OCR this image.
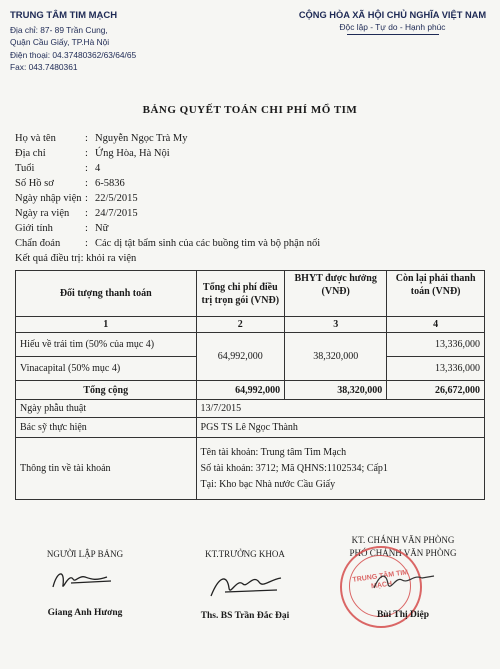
TRUNG TÂM TIM MẠCH
Địa chỉ: 87- 89 Trần Cung,
Quận Cầu Giấy, TP.Hà Nội
Điện thoại: 04.37480362/63/64/65
Fax: 043.7480361
CỘNG HÒA XÃ HỘI CHỦ NGHĨA VIỆT NAM
Độc lập - Tự do - Hạnh phúc
BẢNG QUYẾT TOÁN CHI PHÍ MỔ TIM
Họ và tên	: Nguyễn Ngọc Trà My
Địa chỉ	: Ứng Hòa, Hà Nội
Tuổi	: 4
Số Hồ sơ	: 6-5836
Ngày nhập viện : 22/5/2015
Ngày ra viện	: 24/7/2015
Giới tính	: Nữ
Chẩn đoán	: Các dị tật bẩm sinh của các buồng tim và bộ phận nối
Kết quả điều trị: khỏi ra viện
Đối tượng thanh toán	Tổng chi phí điều trị trọn gói (VNĐ)	BHYT được hưởng (VNĐ)	Còn lại phải thanh toán (VNĐ)
1	2	3	4
Hiếu về trái tim (50% của mục 4)	64,992,000	38,320,000	13,336,000
Vinacapital (50% mục 4)			13,336,000
Tổng cộng	64,992,000	38,320,000	26,672,000
Ngày phẫu thuật	13/7/2015		
Bác sỹ thực hiện	PGS TS Lê Ngọc Thành		
Thông tin về tài khoản	Tên tài khoản: Trung tâm Tim Mạch
Số tài khoản: 3712; Mã QHNS:1102534; Cấp1
Tại: Kho bạc Nhà nước Cầu Giấy		
NGƯỜI LẬP BẢNG
Giang Anh Hương
KT.TRƯỞNG KHOA
Ths. BS Trần Đắc Đại
KT. CHÁNH VĂN PHÒNG
PHÓ CHÁNH VĂN PHÒNG
TRUNG TÂM TIM MẠCH
Bùi Thị Diệp
